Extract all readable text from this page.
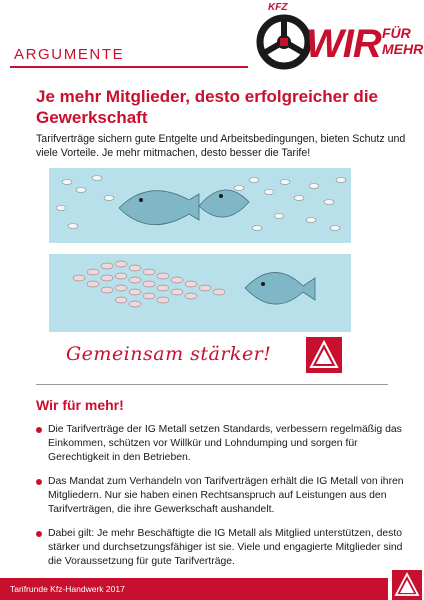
ARGUMENTE
KFZ
WIR FÜR
MEHR
Je mehr Mitglieder, desto erfolgreicher die Gewerkschaft

Tarifverträge sichern gute Entgelte und Arbeitsbedingungen, bieten Schutz und viele Vorteile. Je mehr mitmachen, desto besser die Tarife!

Gemeinsam stärker!
Wir für mehr!
Die Tarifverträge der IG Metall setzen Standards, verbessern regelmäßig das Einkommen, schützen vor Willkür und Lohndumping und sorgen für Gerechtigkeit in den Betrieben.
Das Mandat zum Verhandeln von Tarifverträgen erhält die IG Metall von ihren Mitgliedern. Nur sie haben einen Rechtsanspruch auf Leistungen aus den Tarifverträgen, die ihre Gewerkschaft aushandelt.
Dabei gilt: Je mehr Beschäftigte die IG Metall als Mitglied unterstützen, desto stärker und durchsetzungsfähiger ist sie. Viele und engagierte Mitglieder sind die Voraussetzung für gute Tarifverträge.
Tarifrunde Kfz-Handwerk 2017
